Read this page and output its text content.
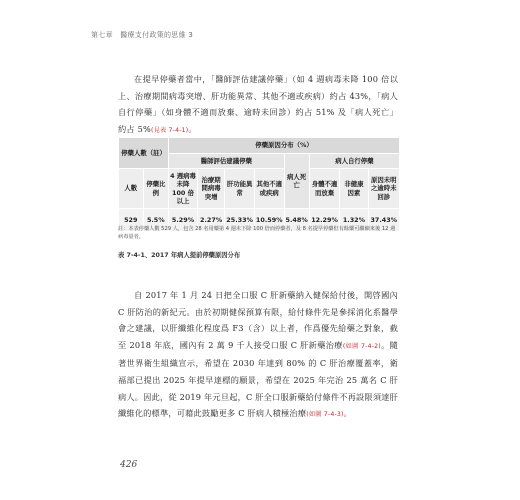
第七章　醫療支付政策的思維 3

在提早停藥者當中，「醫師評估建議停藥」（如 4 週病毒未降 100 倍以上、治療期間病毒突增、肝功能異常、其他不適或疾病）約占 43%，「病人自行停藥」（如身體不適而放棄、逾時未回診）約占 51% 及「病人死亡」約占 5%(見表 7-4-1)。

停藥人數（註）		停藥原因分布（%）							
		醫師評估建議停藥				病人死亡	病人自行停藥		
人數	停藥比例	4 週病毒未降 100 倍以上	治療期間病毒突增	肝功能異常	其他不適或疾病		身體不適而放棄	非健康因素	原因未明之逾時未回診
529	5.5%	5.29%	2.27%	25.33%	10.59%	5.48%	12.29%	1.32%	37.43%
註：本表停藥人數 529 人，包含 28 名用藥第 4 週未下降 100 倍而停藥者，及 8 名提早停藥但有餘藥可繼續來後 12 週病毒量者。
表 7-4-1、2017 年病人提前停藥原因分布

自 2017 年 1 月 24 日把全口服 C 肝新藥納入健保給付後，開啓國內 C 肝防治的新紀元。由於初期健保預算有限，給付條件先是參採消化系醫學會之建議，以肝纖維化程度爲 F3（含）以上者，作爲優先給藥之對象，截至 2018 年底，國內有 2 萬 9 千人接受口服 C 肝新藥治療(如圖 7-4-2)。隨著世界衛生組織宣示，希望在 2030 年達到 80% 的 C 肝治療覆蓋率，衛福部已提出 2025 年提早達標的願景，希望在 2025 年完治 25 萬名 C 肝病人。因此，從 2019 年元旦起，C 肝全口服新藥給付條件不再設限須達肝纖維化的標準，可藉此鼓勵更多 C 肝病人積極治療(如圖 7-4-3)。

426
